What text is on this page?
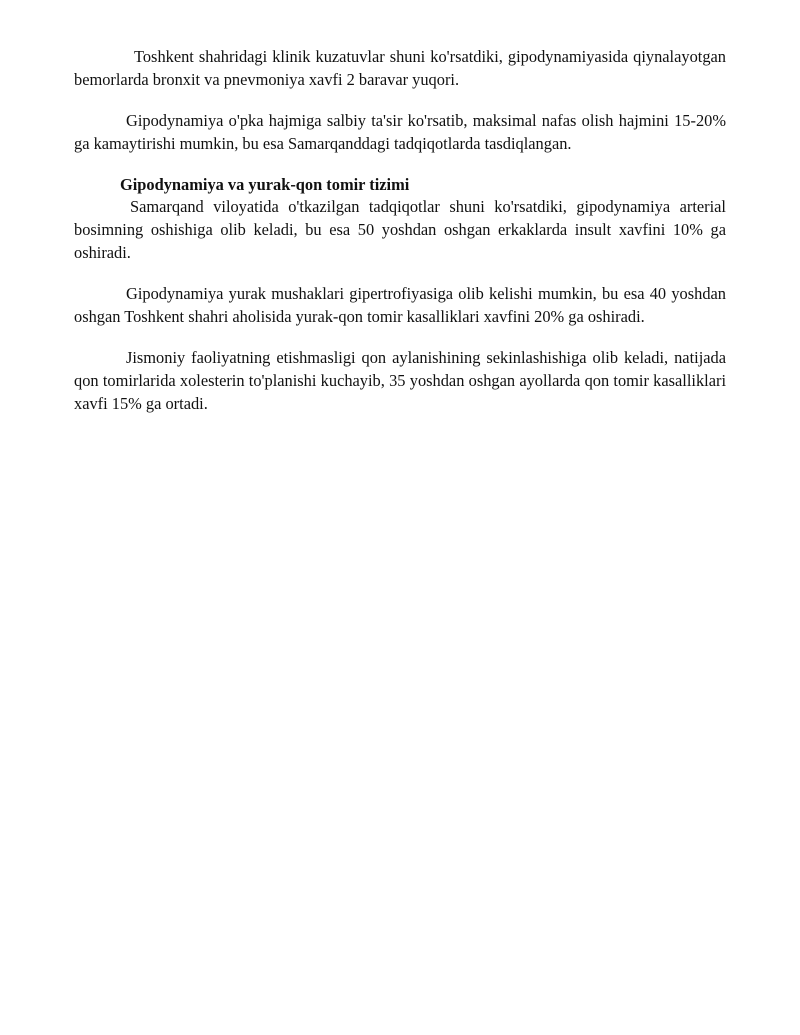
Toshkent shahridagi klinik kuzatuvlar shuni ko'rsatdiki, gipodynamiyasida qiynalayotgan bemorlarda bronxit va pnevmoniya xavfi 2 baravar yuqori.

Gipodynamiya o'pka hajmiga salbiy ta'sir ko'rsatib, maksimal nafas olish hajmini 15-20% ga kamaytirishi mumkin, bu esa Samarqanddagi tadqiqotlarda tasdiqlangan.

Gipodynamiya va yurak-qon tomir tizimi

Samarqand viloyatida o'tkazilgan tadqiqotlar shuni ko'rsatdiki, gipodynamiya arterial bosimning oshishiga olib keladi, bu esa 50 yoshdan oshgan erkaklarda insult xavfini 10% ga oshiradi.

Gipodynamiya yurak mushaklari gipertrofiyasiga olib kelishi mumkin, bu esa 40 yoshdan oshgan Toshkent shahri aholisida yurak-qon tomir kasalliklari xavfini 20% ga oshiradi.

Jismoniy faoliyatning etishmasligi qon aylanishining sekinlashishiga olib keladi, natijada qon tomirlarida xolesterin to'planishi kuchayib, 35 yoshdan oshgan ayollarda qon tomir kasalliklari xavfi 15% ga ortadi.
